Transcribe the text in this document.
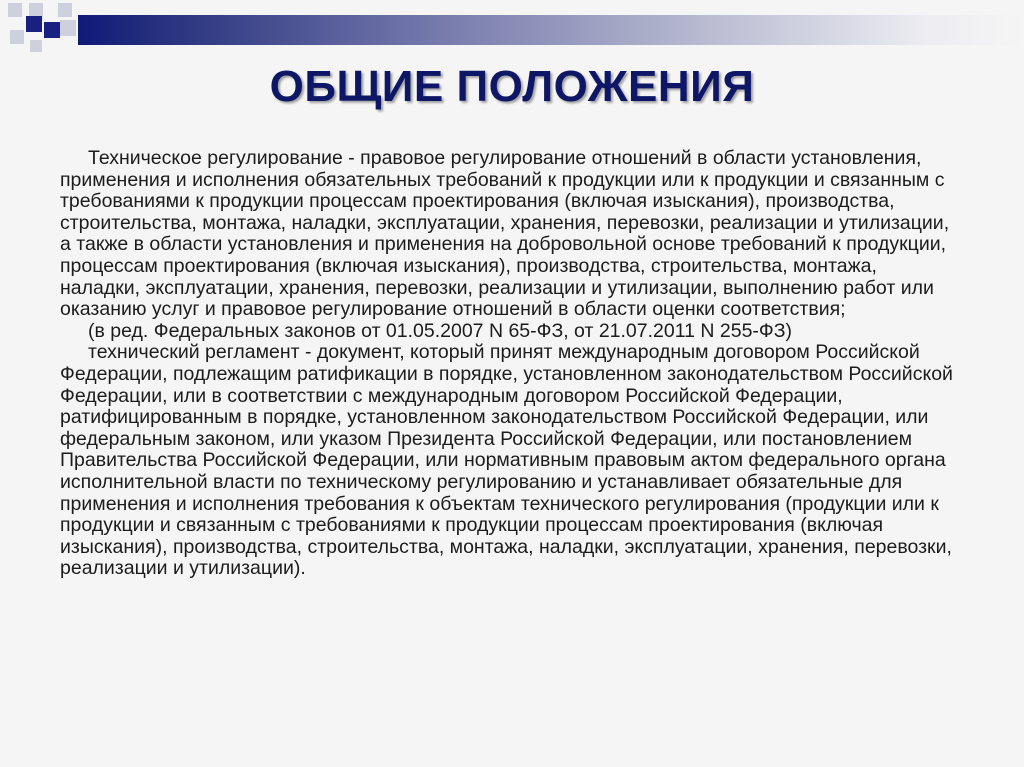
ОБЩИЕ ПОЛОЖЕНИЯ

Техническое регулирование - правовое регулирование отношений в области установления, применения и исполнения обязательных требований к продукции или к продукции и связанным с требованиями к продукции процессам проектирования (включая изыскания), производства, строительства, монтажа, наладки, эксплуатации, хранения, перевозки, реализации и утилизации, а также в области установления и применения на добровольной основе требований к продукции, процессам проектирования (включая изыскания), производства, строительства, монтажа, наладки, эксплуатации, хранения, перевозки, реализации и утилизации, выполнению работ или оказанию услуг и правовое регулирование отношений в области оценки соответствия;

(в ред. Федеральных законов от 01.05.2007 N 65-ФЗ, от 21.07.2011 N 255-ФЗ)

технический регламент - документ, который принят международным договором Российской Федерации, подлежащим ратификации в порядке, установленном законодательством Российской Федерации, или в соответствии с международным договором Российской Федерации, ратифицированным в порядке, установленном законодательством Российской Федерации, или федеральным законом, или указом Президента Российской Федерации, или постановлением Правительства Российской Федерации, или нормативным правовым актом федерального органа исполнительной власти по техническому регулированию и устанавливает обязательные для применения и исполнения требования к объектам технического регулирования (продукции или к продукции и связанным с требованиями к продукции процессам проектирования (включая изыскания), производства, строительства, монтажа, наладки, эксплуатации, хранения, перевозки, реализации и утилизации).
